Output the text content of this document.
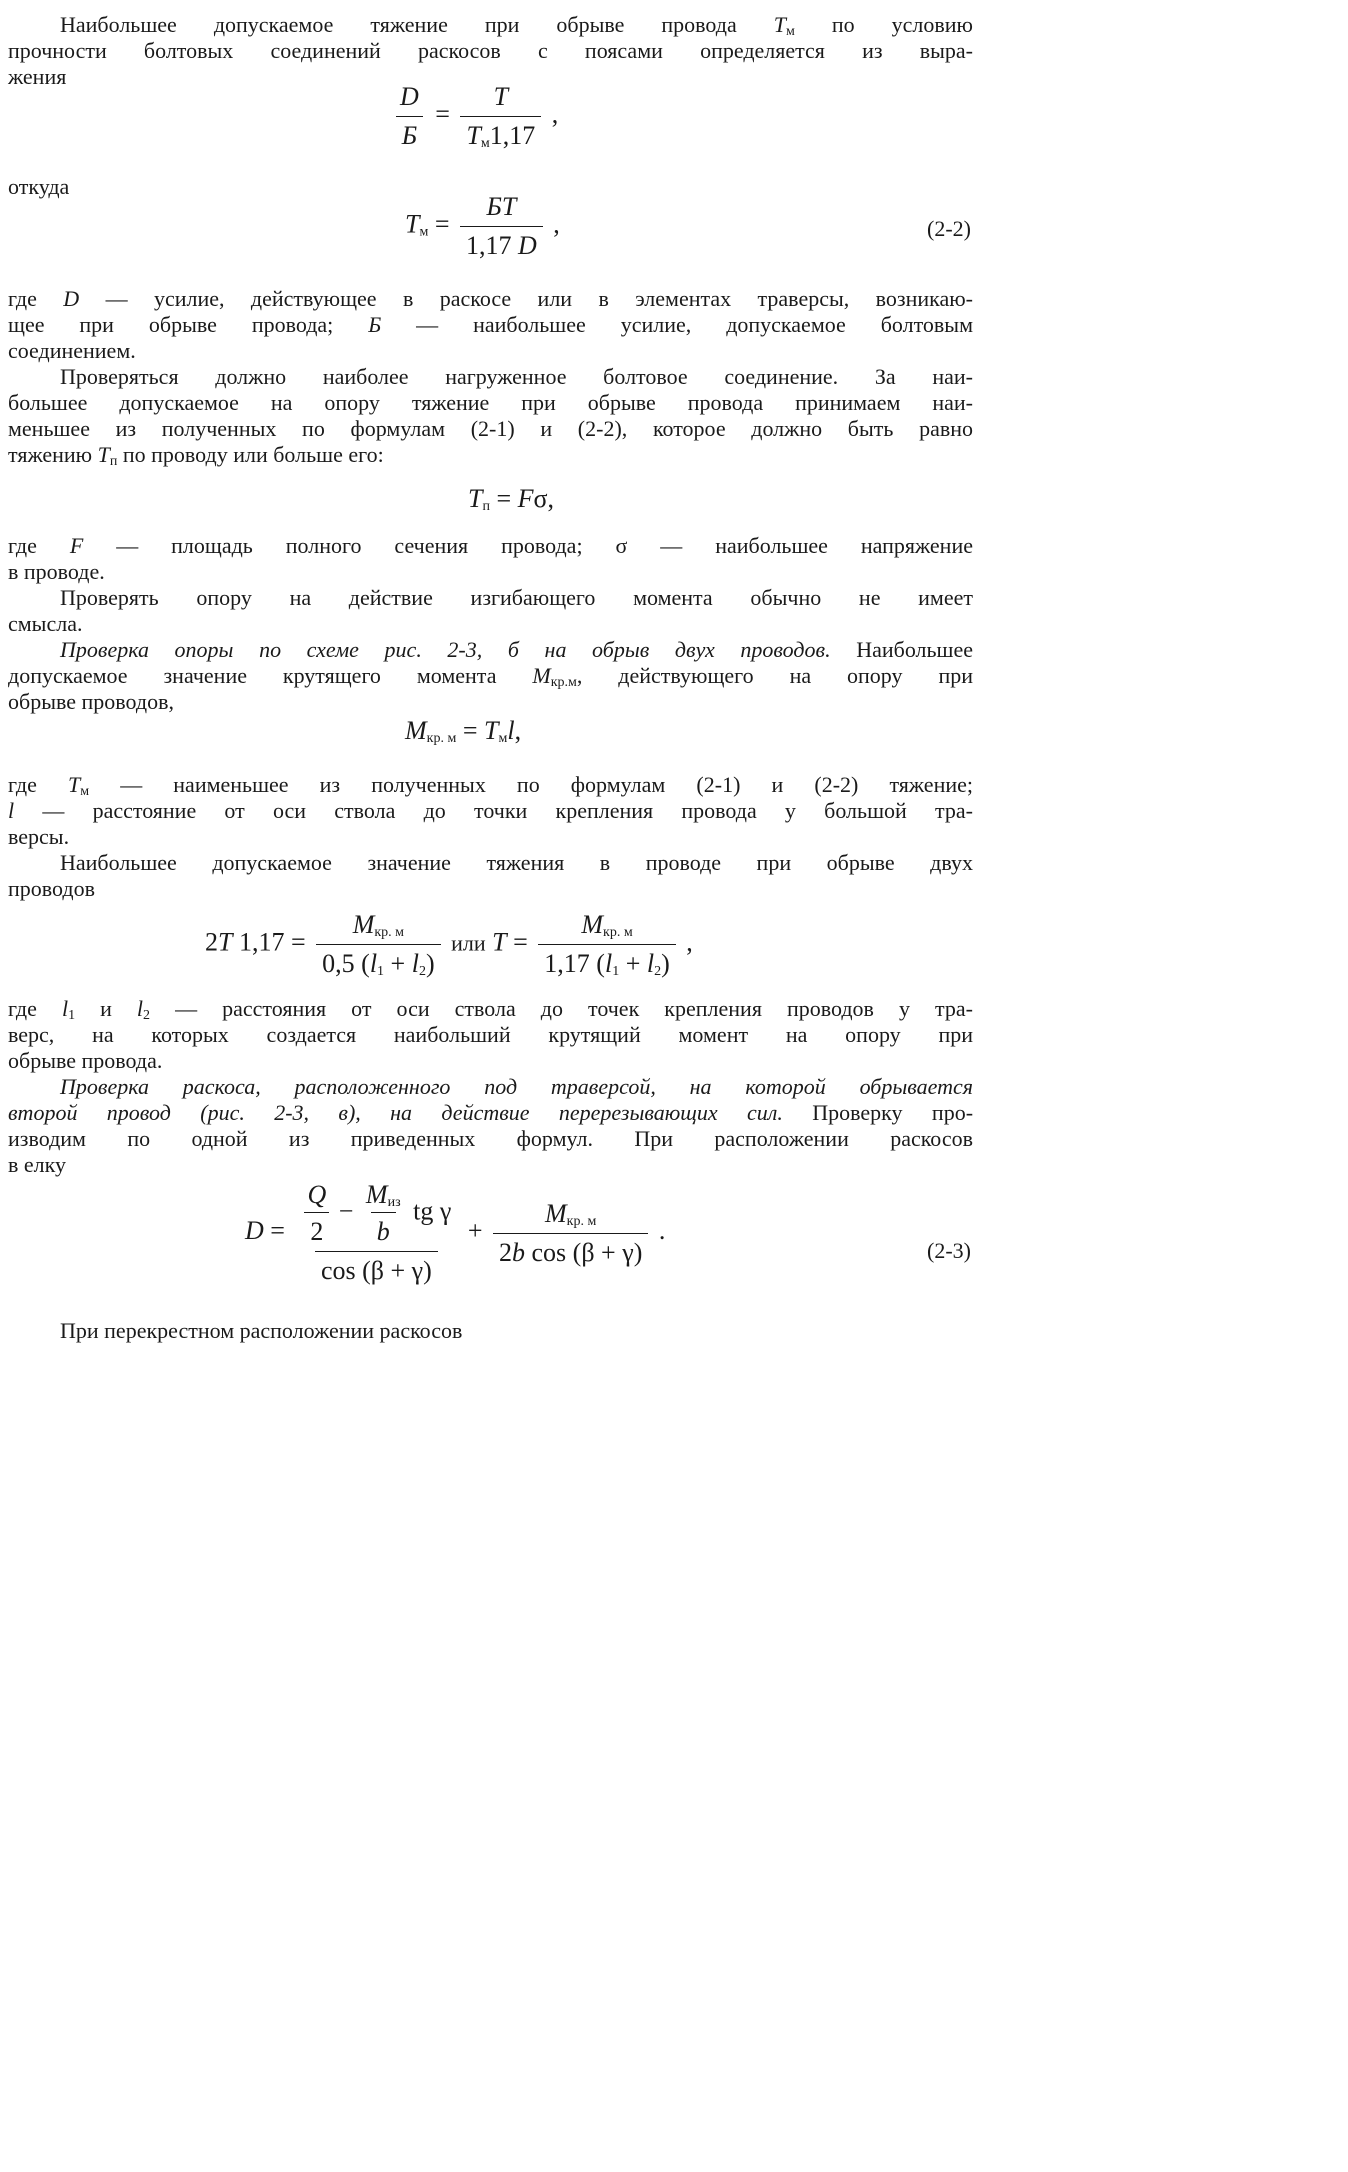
Наибольшее допускаемое тяжение при обрыве провода $T_м$ по условию
прочности болтовых соединений раскосов с поясами определяется из выра-
жения
$\frac{D}{Б} = \frac{T}{T_м1,17}$ ,
откуда
$T_м = \frac{БT}{1,17 D}$ ,	(2-2)
где D — усилие, действующее в раскосе или в элементах траверсы, возникаю-
щее при обрыве провода; Б — наибольшее усилие, допускаемое болтовым
соединением.
Проверяться должно наиболее нагруженное болтовое соединение. За наи-
большее допускаемое на опору тяжение при обрыве провода принимаем наи-
меньшее из полученных по формулам (2-1) и (2-2), которое должно быть равно
тяжению $T_п$ по проводу или больше его:
$T_п = F\sigma$,
где F — площадь полного сечения провода; σ — наибольшее напряжение
в проводе.
Проверять опору на действие изгибающего момента обычно не имеет
смысла.
Проверка опоры по схеме рис. 2-3, б на обрыв двух проводов. Наибольшее
допускаемое значение крутящего момента $M_{кр.м}$, действующего на опору при
обрыве проводов,
$M_{кр. м} = T_мl$,
где $T_м$ — наименьшее из полученных по формулам (2-1) и (2-2) тяжение;
l — расстояние от оси ствола до точки крепления провода у большой тра-
версы.
Наибольшее допускаемое значение тяжения в проводе при обрыве двух
проводов
2T $1,17 = \frac{M_{кр. м}}{0,5 (l_1 + l_2)}$ или $T = \frac{M_{кр. м}}{1,17 (l_1 + l_2)}$ ,
где $l_1$ и $l_2$ — расстояния от оси ствола до точек крепления проводов у тра-
верс, на которых создается наибольший крутящий момент на опору при
обрыве провода.
Проверка раскоса, расположенного под траверсой, на которой обрывается
второй провод (рис. 2-3, в), на действие перерезывающих сил. Проверку про-
изводим по одной из приведенных формул. При расположении раскосов
в елку
$D = \frac{\frac{Q}{2} - \frac{M_{из}}{b} tg \gamma}{\cos (\beta + \gamma)} + \frac{M_{кр. м}}{\text{2b cos (β + γ)}}$ .
(2-3)
При перекрестном расположении раскосов
